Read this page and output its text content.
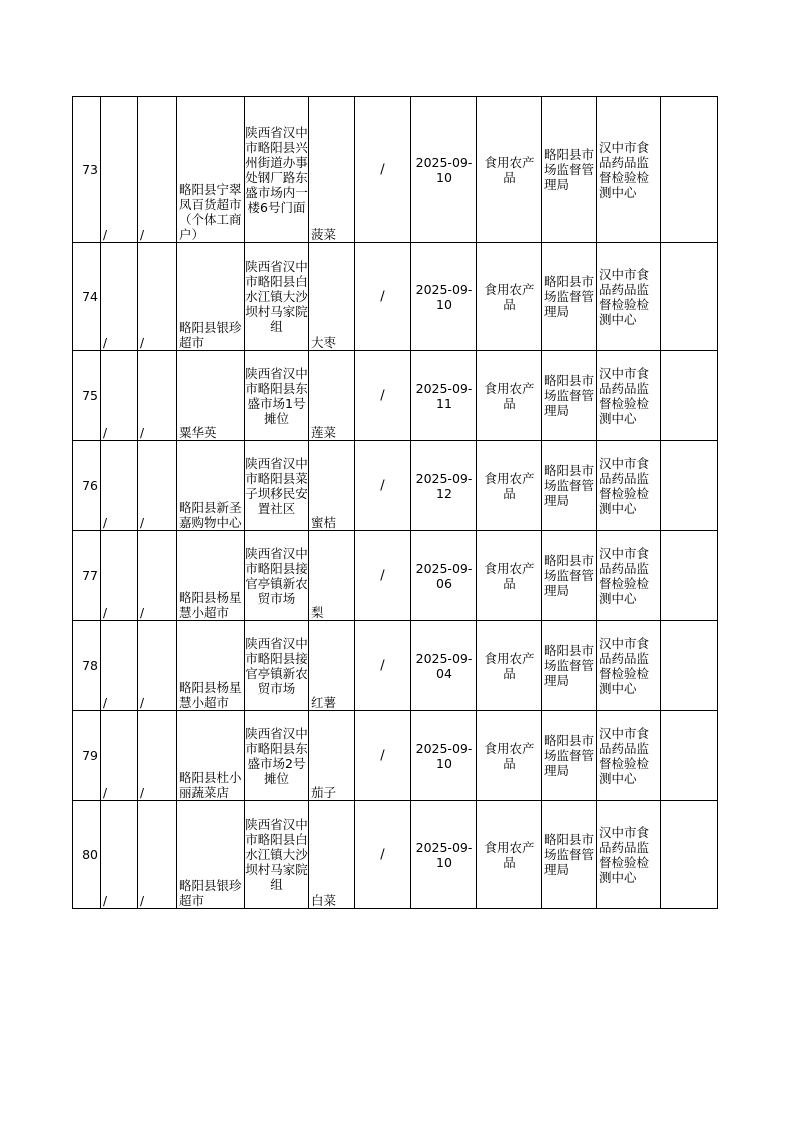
73	/	/	略阳县宁翠凤百货超市（个体工商户）	陕西省汉中市略阳县兴州街道办事处钢厂路东盛市场内一楼6号门面	菠菜	/	2025-09-10	食用农产品	略阳县市场监督管理局	汉中市食品药品监督检验检测中心	
74	/	/	略阳县银珍超市	陕西省汉中市略阳县白水江镇大沙坝村马家院组	大枣	/	2025-09-10	食用农产品	略阳县市场监督管理局	汉中市食品药品监督检验检测中心	
75	/	/	粟华英	陕西省汉中市略阳县东盛市场1号摊位	莲菜	/	2025-09-11	食用农产品	略阳县市场监督管理局	汉中市食品药品监督检验检测中心	
76	/	/	略阳县新圣嘉购物中心	陕西省汉中市略阳县菜子坝移民安置社区	蜜桔	/	2025-09-12	食用农产品	略阳县市场监督管理局	汉中市食品药品监督检验检测中心	
77	/	/	略阳县杨星慧小超市	陕西省汉中市略阳县接官亭镇新农贸市场	梨	/	2025-09-06	食用农产品	略阳县市场监督管理局	汉中市食品药品监督检验检测中心	
78	/	/	略阳县杨星慧小超市	陕西省汉中市略阳县接官亭镇新农贸市场	红薯	/	2025-09-04	食用农产品	略阳县市场监督管理局	汉中市食品药品监督检验检测中心	
79	/	/	略阳县杜小丽蔬菜店	陕西省汉中市略阳县东盛市场2号摊位	茄子	/	2025-09-10	食用农产品	略阳县市场监督管理局	汉中市食品药品监督检验检测中心	
80	/	/	略阳县银珍超市	陕西省汉中市略阳县白水江镇大沙坝村马家院组	白菜	/	2025-09-10	食用农产品	略阳县市场监督管理局	汉中市食品药品监督检验检测中心	
